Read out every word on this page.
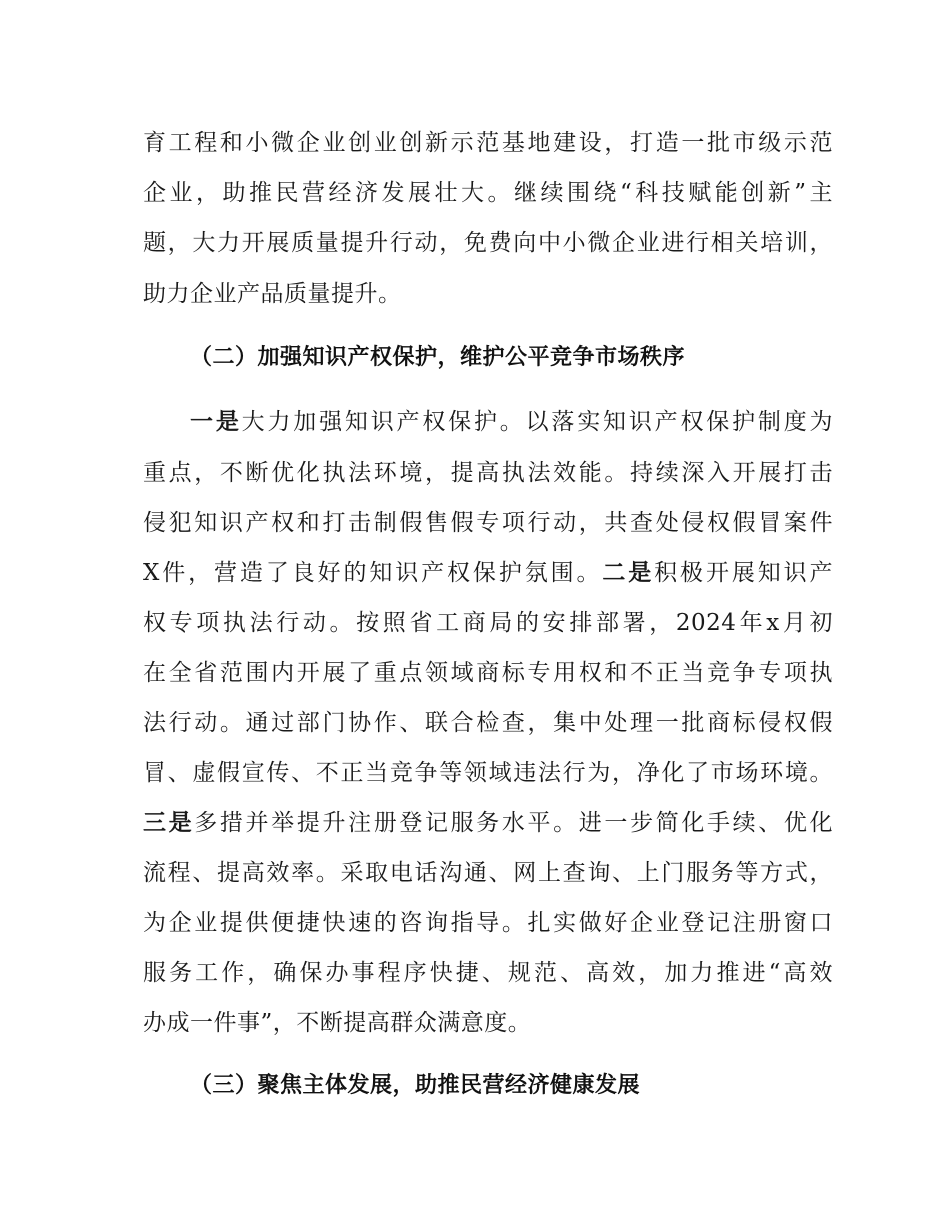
育工程和小微企业创业创新示范基地建设，打造一批市级示范
企业，助推民营经济发展壮大。继续围绕“科技赋能创新”主
题，大力开展质量提升行动，免费向中小微企业进行相关培训，
助力企业产品质量提升。
（二）加强知识产权保护，维护公平竞争市场秩序
一是大力加强知识产权保护。以落实知识产权保护制度为
重点，不断优化执法环境，提高执法效能。持续深入开展打击
侵犯知识产权和打击制假售假专项行动，共查处侵权假冒案件
X件，营造了良好的知识产权保护氛围。二是积极开展知识产
权专项执法行动。按照省工商局的安排部署，2024年x月初
在全省范围内开展了重点领域商标专用权和不正当竞争专项执
法行动。通过部门协作、联合检查，集中处理一批商标侵权假
冒、虚假宣传、不正当竞争等领域违法行为，净化了市场环境。
三是多措并举提升注册登记服务水平。进一步简化手续、优化
流程、提高效率。采取电话沟通、网上查询、上门服务等方式，
为企业提供便捷快速的咨询指导。扎实做好企业登记注册窗口
服务工作，确保办事程序快捷、规范、高效，加力推进“高效
办成一件事”，不断提高群众满意度。
（三）聚焦主体发展，助推民营经济健康发展
